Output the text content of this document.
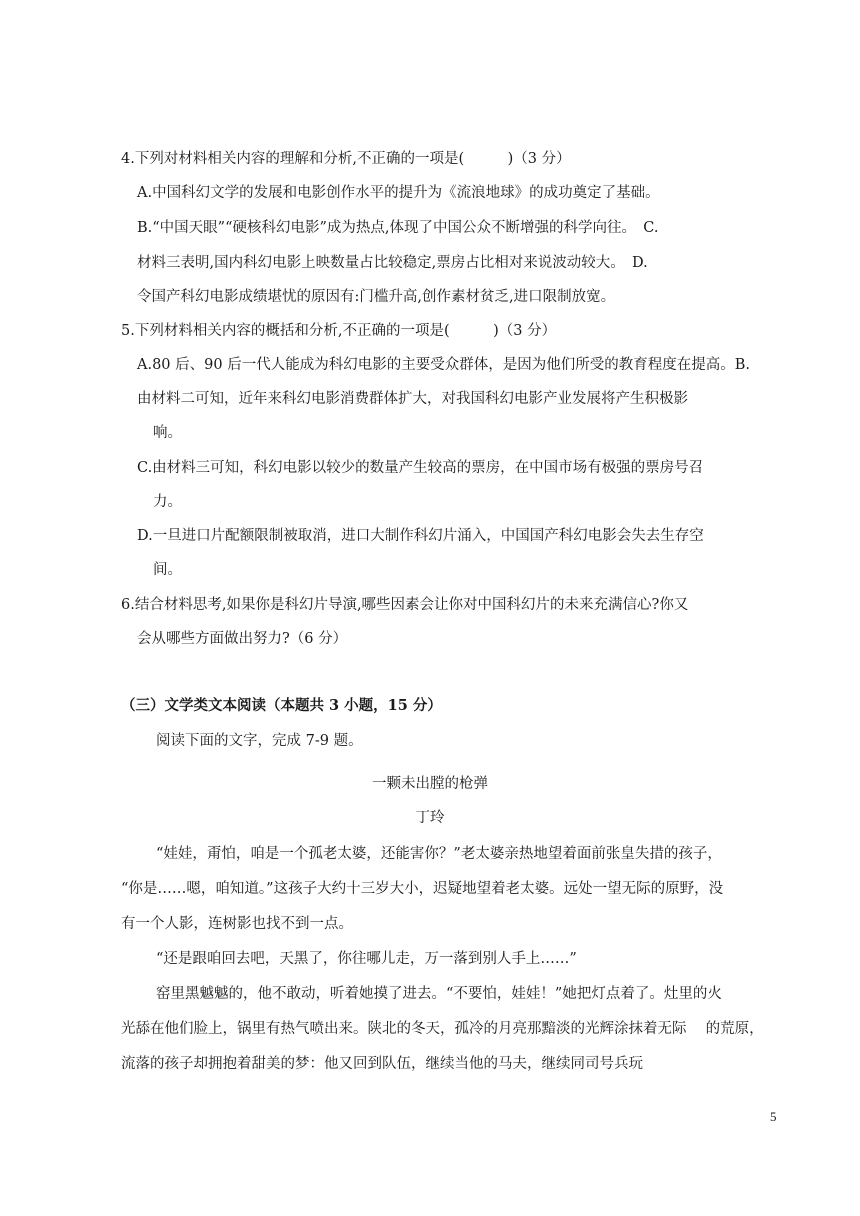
4.下列对材料相关内容的理解和分析,不正确的一项是(　　　)（3 分）
A.中国科幻文学的发展和电影创作水平的提升为《流浪地球》的成功奠定了基础。
B.“中国天眼”“硬核科幻电影”成为热点,体现了中国公众不断增强的科学向往。　C.
材料三表明,国内科幻电影上映数量占比较稳定,票房占比相对来说波动较大。　D.
令国产科幻电影成绩堪忧的原因有:门槛升高,创作素材贫乏,进口限制放宽。
5.下列材料相关内容的概括和分析,不正确的一项是(　　　)（3 分）
A.80 后、90 后一代人能成为科幻电影的主要受众群体，是因为他们所受的教育程度在提高。B.
由材料二可知，近年来科幻电影消费群体扩大，对我国科幻电影产业发展将产生积极影
响。
C.由材料三可知，科幻电影以较少的数量产生较高的票房，在中国市场有极强的票房号召
力。
D.一旦进口片配额限制被取消，进口大制作科幻片涌入，中国国产科幻电影会失去生存空
间。
6.结合材料思考,如果你是科幻片导演,哪些因素会让你对中国科幻片的未来充满信心?你又
会从哪些方面做出努力?（6 分）
（三）文学类文本阅读（本题共 3 小题，15 分）
阅读下面的文字，完成 7-9 题。
一颗未出膛的枪弹
丁玲
“娃娃，甭怕，咱是一个孤老太婆，还能害你？”老太婆亲热地望着面前张皇失措的孩子，
“你是……嗯，咱知道。”这孩子大约十三岁大小，迟疑地望着老太婆。远处一望无际的原野，没
有一个人影，连树影也找不到一点。
“还是跟咱回去吧，天黑了，你往哪儿走，万一落到别人手上……”
窑里黑魆魆的，他不敢动，听着她摸了进去。“不要怕，娃娃！”她把灯点着了。灶里的火
光舔在他们脸上，锅里有热气喷出来。陕北的冬天，孤冷的月亮那黯淡的光辉涂抹着无际　 的荒原，
流落的孩子却拥抱着甜美的梦：他又回到队伍，继续当他的马夫，继续同司号兵玩
5
